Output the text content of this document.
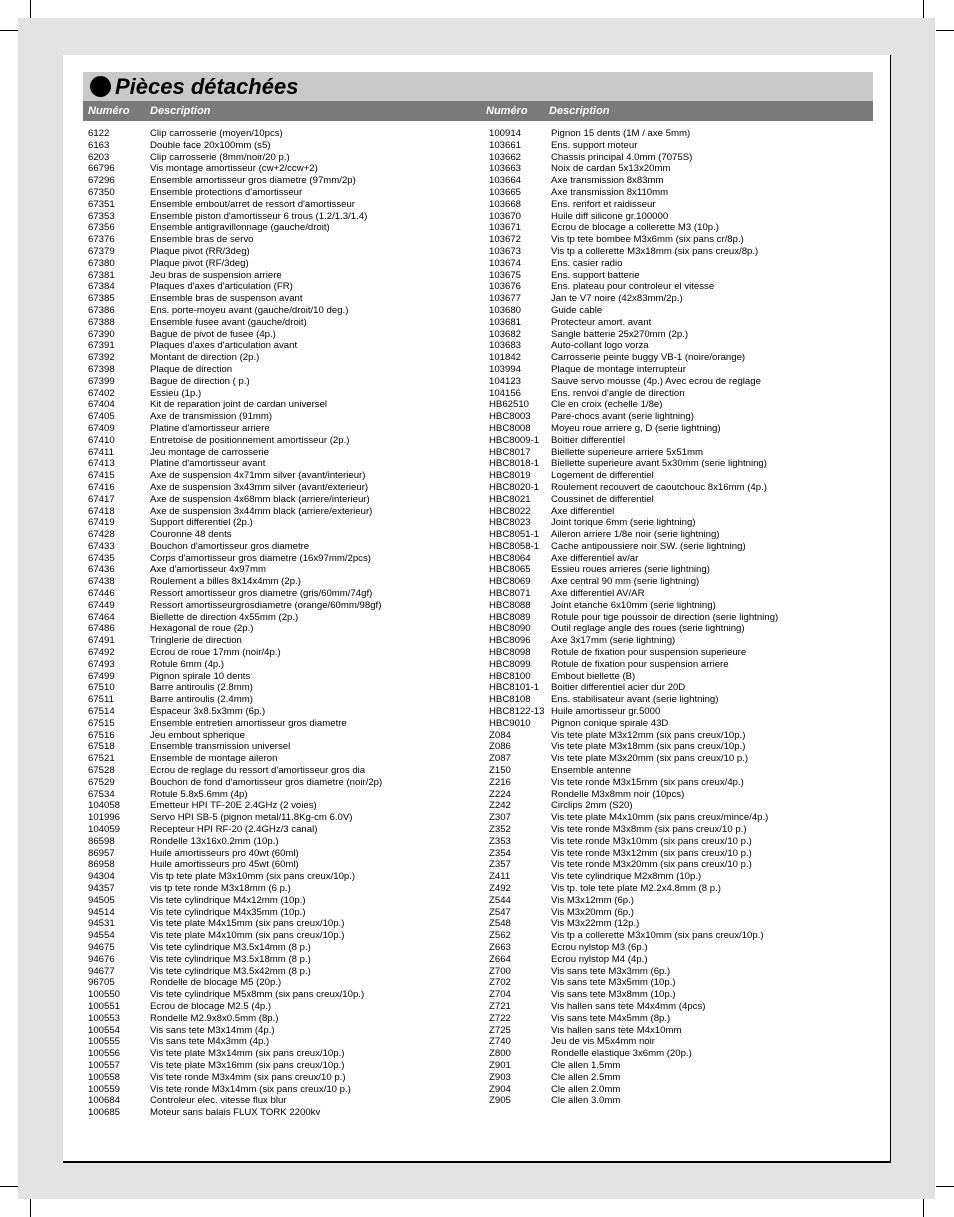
Pièces détachées
Numéro Description	Numéro Description
6122	Clip carrosserie (moyen/10pcs)
6163	Double face 20x100mm (s5)
6203	Clip carrosserie (8mm/noir/20 p.)
66796	Vis montage amortisseur (cw+2/ccw+2)
67296	Ensemble amortisseur gros diametre (97mm/2p)
67350	Ensemble protections d'amortisseur
67351	Ensemble embout/arret de ressort d'amortisseur
67353	Ensemble piston d'amortisseur 6 trous (1.2/1.3/1.4)
67356	Ensemble antigravillonnage (gauche/droit)
67376	Ensemble bras de servo
67379	Plaque pivot (RR/3deg)
67380	Plaque pivot (RF/3deg)
67381	Jeu bras de suspension arriere
67384	Plaques d'axes d'articulation (FR)
67385	Ensemble bras de suspenson avant
67386	Ens. porte-moyeu avant (gauche/droit/10 deg.)
67388	Ensemble fusee avant (gauche/droit)
67390	Bague de pivot de fusee (4p.)
67391	Plaques d'axes d'articulation avant
67392	Montant de direction (2p.)
67398	Plaque de direction
67399	Bague de direction ( p.)
67402	Essieu (1p.)
67404	Kit de reparation joint de cardan universel
67405	Axe de transmission (91mm)
67409	Platine d'amortisseur arriere
67410	Entretoise de positionnement amortisseur (2p.)
67411	Jeu montage de carrosserie
67413	Platine d'amortisseur avant
67415	Axe de suspension 4x71mm silver (avant/interieur)
67416	Axe de suspension 3x43mm silver (avant/exterieur)
67417	Axe de suspension 4x68mm black (arriere/interieur)
67418	Axe de suspension 3x44mm black (arriere/exterieur)
67419	Support differentiel (2p.)
67428	Couronne 48 dents
67433	Bouchon d'amortisseur gros diametre
67435	Corps d'amortisseur gros diametre (16x97mm/2pcs)
67436	Axe d'amortisseur 4x97mm
67438	Roulement a billes 8x14x4mm (2p.)
67446	Ressort amortisseur gros diametre (gris/60mm/74gf)
67449	Ressort amortisseurgrosdiametre (orange/60mm/98gf)
67464	Biellette de direction 4x55mm (2p.)
67486	Hexagonal de roue (2p.)
67491	Tringlerie de direction
67492	Ecrou de roue 17mm (noir/4p.)
67493	Rotule 6mm (4p.)
67499	Pignon spirale 10 dents
67510	Barre antiroulis (2.8mm)
67511	Barre antiroulis (2.4mm)
67514	Espaceur 3x8.5x3mm (6p.)
67515	Ensemble entretien amortisseur gros diametre
67516	Jeu embout spherique
67518	Ensemble transmission universel
67521	Ensemble de montage aileron
67528	Ecrou de reglage du ressort d'amortisseur gros dia
67529	Bouchon de fond d'amortisseur gros diametre (noir/2p)
67534	Rotule 5.8x5.6mm (4p)
104058	Emetteur HPI TF-20E 2.4GHz (2 voies)
101996	Servo HPI SB-5 (pignon metal/11.8Kg-cm 6.0V)
104059	Recepteur HPI RF-20 (2.4GHz/3 canal)
86598	Rondelle 13x16x0.2mm (10p.)
86957	Huile amortisseurs pro 40wt (60ml)
86958	Huile amortisseurs pro 45wt (60ml)
94304	Vis tp tete plate M3x10mm (six pans creux/10p.)
94357	vis tp tete ronde M3x18mm (6 p.)
94505	Vis tete cylindrique M4x12mm (10p.)
94514	Vis tete cylindrique M4x35mm (10p.)
94531	Vis tete plate M4x15mm (six pans creux/10p.)
94554	Vis tete plate M4x10mm (six pans creux/10p.)
94675	Vis tete cylindrique M3.5x14mm (8 p.)
94676	Vis tete cylindrique M3.5x18mm (8 p.)
94677	Vis tete cylindrique M3.5x42mm (8 p.)
96705	Rondelle de blocage M5 (20p.)
100550	Vis tete cylindrique M5x8mm (six pans creux/10p.)
100551	Ecrou de blocage M2.5 (4p.)
100553	Rondelle M2.9x8x0.5mm (8p.)
100554	Vis sans tete M3x14mm (4p.)
100555	Vis sans tete M4x3mm (4p.)
100556	Vis tete plate M3x14mm (six pans creux/10p.)
100557	Vis tete plate M3x16mm (six pans creux/10p.)
100558	Vis tete ronde M3x4mm (six pans creux/10 p.)
100559	Vis tete ronde M3x14mm (six pans creux/10 p.)
100684	Controleur elec. vitesse flux blur
100685	Moteur sans balais FLUX TORK 2200kv
100914	Pignon 15 dents (1M / axe 5mm)
103661	Ens. support moteur
103662	Chassis principal 4.0mm (7075S)
103663	Noix de cardan 5x13x20mm
103664	Axe transmission 8x83mm
103665	Axe transmission 8x110mm
103668	Ens. renfort et raidisseur
103670	Huile diff silicone gr.100000
103671	Ecrou de blocage a collerette M3 (10p.)
103672	Vis tp tete bombee M3x6mm (six pans cr/8p.)
103673	Vis tp a collerette M3x18mm (six pans creux/8p.)
103674	Ens. casier radio
103675	Ens. support batterie
103676	Ens. plateau pour controleur el vitesse
103677	Jan te V7 noire (42x83mm/2p.)
103680	Guide cable
103681	Protecteur amort. avant
103682	Sangle batterie 25x270mm (2p.)
103683	Auto-collant logo vorza
101842	Carrosserie peinte buggy VB-1 (noire/orange)
103994	Plaque de montage interrupteur
104123	Sauve servo mousse (4p.) Avec ecrou de reglage
104156	Ens. renvoi d'angle de direction
HB62510 Cle en croix (echelle 1/8e)
HBC8003 Pare-chocs avant (serie lightning)
HBC8008 Moyeu roue arriere g, D (serie lightning)
HBC8009-1 Boitier differentiel
HBC8017 Biellette superieure arriere 5x51mm
HBC8018-1 Biellette superieure avant 5x30mm (serie lightning)
HBC8019 Logement de differentiel
HBC8020-1 Roulement recouvert de caoutchouc 8x16mm (4p.)
HBC8021 Coussinet de differentiel
HBC8022 Axe differentiel
HBC8023 Joint torique 6mm (serie lightning)
HBC8051-1 Aileron arriere 1/8e noir (serie lightning)
HBC8058-1 Cache antipoussiere noir SW. (serie lightning)
HBC8064 Axe differentiel av/ar
HBC8065 Essieu roues arrieres (serie lightning)
HBC8069 Axe central 90 mm (serie lightning)
HBC8071 Axe differentiel AV/AR
HBC8088 Joint etanche 6x10mm (serie lightning)
HBC8089 Rotule pour tige poussoir de direction (serie lightning)
HBC8090 Outil reglage angle des roues (serie lightning)
HBC8096 Axe 3x17mm (serie lightning)
HBC8098 Rotule de fixation pour suspension superieure
HBC8099 Rotule de fixation pour suspension arriere
HBC8100 Embout biellette (B)
HBC8101-1 Boitier differentiel acier dur 20D
HBC8108 Ens. stabilisateur avant (serie lightning)
HBC8122-13 Huile amortisseur gr.5000
HBC9010 Pignon conique spirale 43D
Z084	Vis tete plate M3x12mm (six pans creux/10p.)
Z086	Vis tete plate M3x18mm (six pans creux/10p.)
Z087	Vis tete plate M3x20mm (six pans creux/10 p.)
Z150	Ensemble antenne
Z216	Vis tete ronde M3x15mm (six pans creux/4p.)
Z224	Rondelle M3x8mm noir (10pcs)
Z242	Circlips 2mm (S20)
Z307	Vis tete plate M4x10mm (six pans creux/mince/4p.)
Z352	Vis tete ronde M3x8mm (six pans creux/10 p.)
Z353	Vis tete ronde M3x10mm (six pans creux/10 p.)
Z354	Vis tete ronde M3x12mm (six pans creux/10 p.)
Z357	Vis tete ronde M3x20mm (six pans creux/10 p.)
Z411	Vis tete cylindrique M2x8mm (10p.)
Z492	Vis tp. tole tete plate M2.2x4.8mm (8 p.)
Z544	Vis M3x12mm (6p.)
Z547	Vis M3x20mm (6p.)
Z548	Vis M3x22mm (12p.)
Z562	Vis tp a collerette M3x10mm (six pans creux/10p.)
Z663	Ecrou nylstop M3 (6p.)
Z664	Ecrou nylstop M4 (4p.)
Z700	Vis sans tete M3x3mm (6p.)
Z702	Vis sans tete M3x5mm (10p.)
Z704	Vis sans tete M3x8mm (10p.)
Z721	Vis hallen sans tete M4x4mm (4pcs)
Z722	Vis sans tete M4x5mm (8p.)
Z725	Vis hallen sans tete M4x10mm
Z740	Jeu de vis M5x4mm noir
Z800	Rondelle elastique 3x6mm (20p.)
Z901	Cle allen 1.5mm
Z903	Cle allen 2.5mm
Z904	Cle allen 2.0mm
Z905	Cle allen 3.0mm
